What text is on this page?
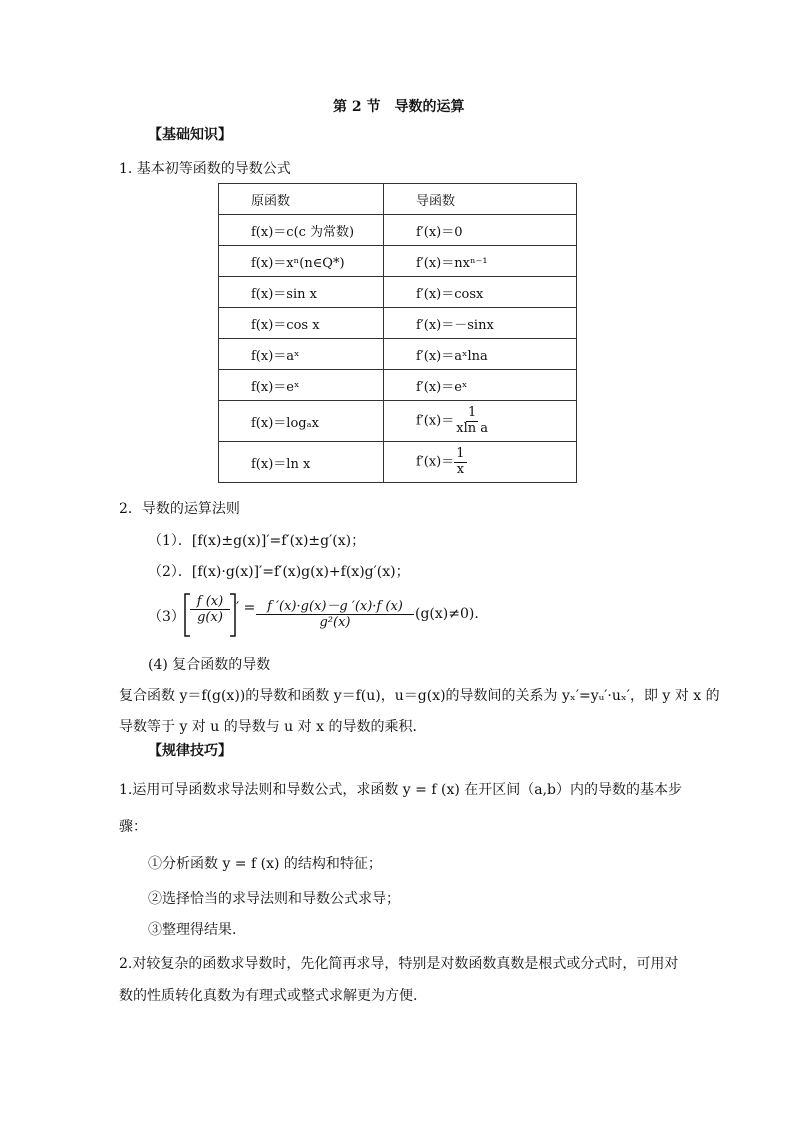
第 2 节　导数的运算
【基础知识】
1. 基本初等函数的导数公式
原函数	导函数
f(x)＝c(c 为常数)	f′(x)＝0
f(x)＝xⁿ(n∈Q*)	f′(x)＝nxⁿ⁻¹
f(x)＝sin x	f′(x)＝cosx
f(x)＝cos x	f′(x)＝－sinx
f(x)＝aˣ	f′(x)＝aˣlna
f(x)＝eˣ	f′(x)＝eˣ
f(x)＝logₐx	$f'(x)= \frac{1}{\text{xln a}}$

f(x)＝ln x	$f'(x)= \frac{1}{x}$
2．导数的运算法则
（1）．[f(x)±g(x)]′=f′(x)±g′(x)；
（2）．[f(x)·g(x)]′=f′(x)g(x)+f(x)g′(x)；
$(3) \frac{f (x)}{g(x)}$ ′ = $\frac{f '(x)\cdot g(x)-g '(x)\cdot f (x)}{\text{g²(x)}} (g(x)\ne 0)$.
(4) 复合函数的导数
复合函数 y＝f(g(x))的导数和函数 y＝f(u)，u＝g(x)的导数间的关系为 yₓ′=yᵤ′·uₓ′，即 y 对 x 的
导数等于 y 对 u 的导数与 u 对 x 的导数的乘积．
【规律技巧】
1.运用可导函数求导法则和导数公式，求函数 y = f (x) 在开区间（a,b）内的导数的基本步
骤：
①分析函数 y = f (x) 的结构和特征；
②选择恰当的求导法则和导数公式求导；
③整理得结果.
2.对较复杂的函数求导数时，先化简再求导，特别是对数函数真数是根式或分式时，可用对
数的性质转化真数为有理式或整式求解更为方便.
